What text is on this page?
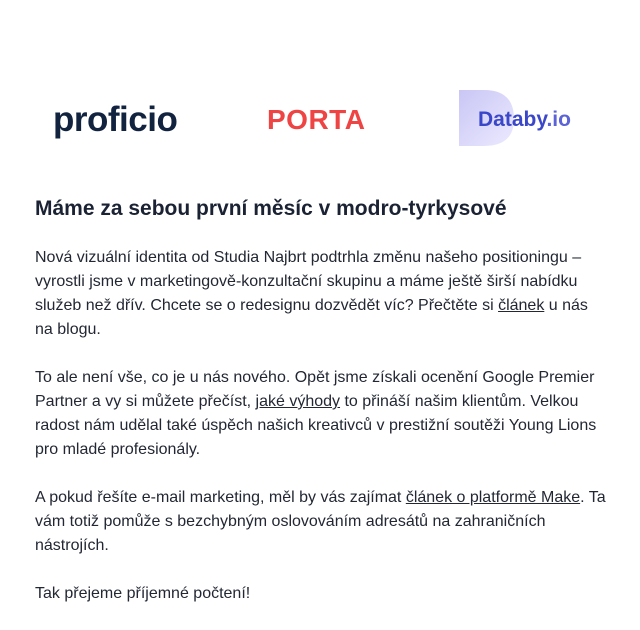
proficio	PORTA	Databy.io
Máme za sebou první měsíc v modro-tyrkysové

Nová vizuální identita od Studia Najbrt podtrhla změnu našeho positioningu – vyrostli jsme v marketingově-konzultační skupinu a máme ještě širší nabídku služeb než dřív. Chcete se o redesignu dozvědět víc? Přečtěte si článek u nás na blogu.

To ale není vše, co je u nás nového. Opět jsme získali ocenění Google Premier Partner a vy si můžete přečíst, jaké výhody to přináší našim klientům. Velkou radost nám udělal také úspěch našich kreativců v prestižní soutěži Young Lions pro mladé profesionály.

A pokud řešíte e-mail marketing, měl by vás zajímat článek o platformě Make. Ta vám totiž pomůže s bezchybným oslovováním adresátů na zahraničních nástrojích.

Tak přejeme příjemné počtení!
